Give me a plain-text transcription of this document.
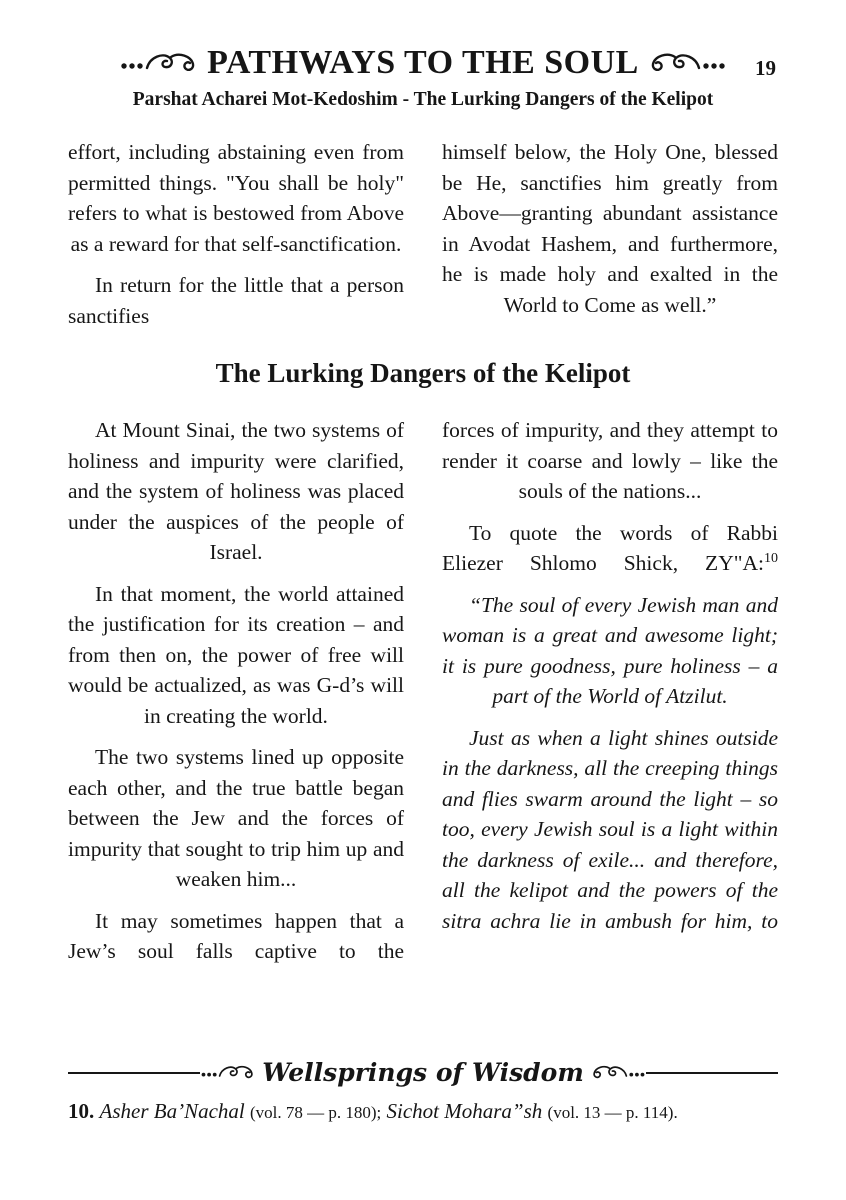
PATHWAYS TO THE SOUL	19
Parshat Acharei Mot-Kedoshim - The Lurking Dangers of the Kelipot

effort, including abstaining even from permitted things. "You shall be holy" refers to what is bestowed from Above as a reward for that self-sanctification.

In return for the little that a person sanctifies

himself below, the Holy One, blessed be He, sanctifies him greatly from Above—granting abundant assistance in Avodat Hashem, and furthermore, he is made holy and exalted in the World to Come as well.”

The Lurking Dangers of the Kelipot

At Mount Sinai, the two systems of holiness and impurity were clarified, and the system of holiness was placed under the auspices of the people of Israel.

In that moment, the world attained the justification for its creation – and from then on, the power of free will would be actualized, as was G-d’s will in creating the world.

The two systems lined up opposite each other, and the true battle began between the Jew and the forces of impurity that sought to trip him up and weaken him...

It may sometimes happen that a Jew’s soul falls captive to the

forces of impurity, and they attempt to render it coarse and lowly – like the souls of the nations...

To quote the words of Rabbi Eliezer Shlomo Shick, ZY"A:$^{10}$

“The soul of every Jewish man and woman is a great and awesome light; it is pure goodness, pure holiness – a part of the World of Atzilut.

Just as when a light shines outside in the darkness, all the creeping things and flies swarm around the light – so too, every Jewish soul is a light within the darkness of exile... and therefore, all the kelipot and the powers of the sitra achra lie in ambush for him, to

Wellsprings of Wisdom
10. Asher Ba’Nachal (vol. 78 — p. 180); Sichot Mohara”sh (vol. 13 — p. 114).
